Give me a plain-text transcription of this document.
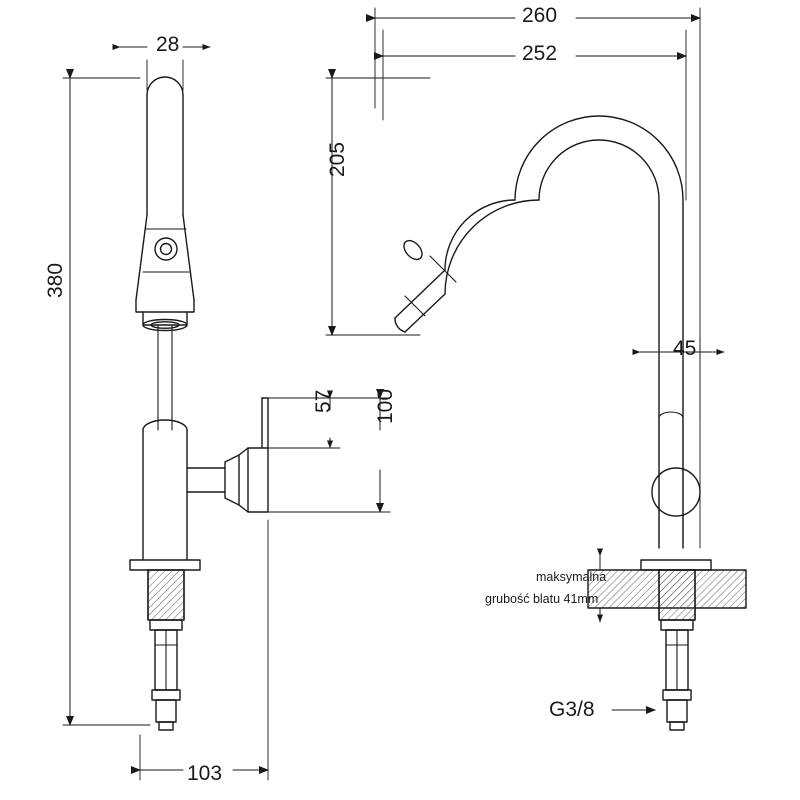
380
28
103
260
252
205
45
57 100
G3/8
maksymalna
grubość blatu 41mm
